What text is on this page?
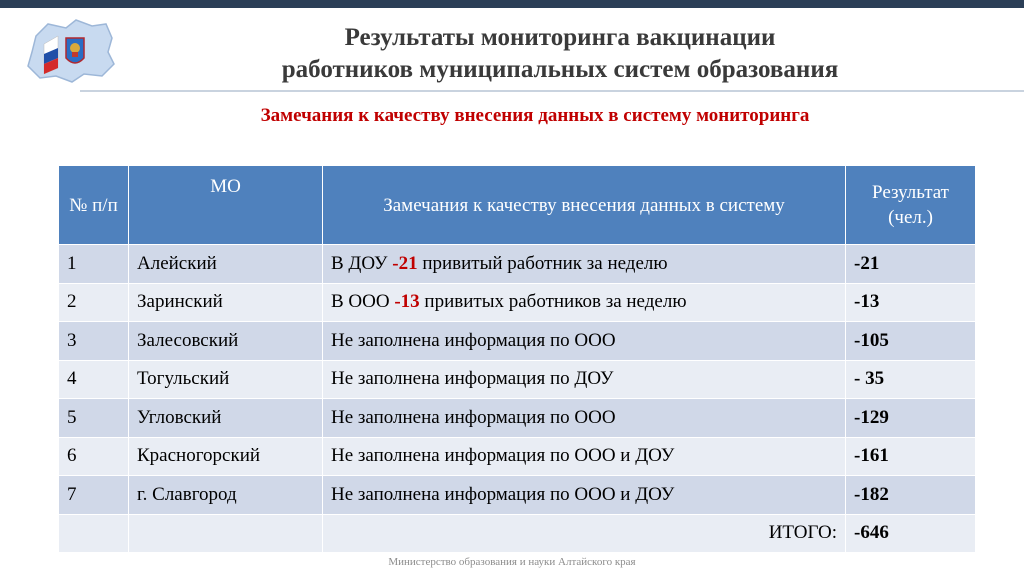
Результаты мониторинга вакцинации
работников муниципальных систем образования
Замечания к качеству внесения данных в систему мониторинга
№ п/п	МО	Замечания к качеству внесения данных в системy	Результат (чел.)
1	Алейский	В ДОУ -21 привитый работник за неделю	-21
2	Заринский	В ООО -13 привитых работников за неделю	-13
3	Залесовский	Не заполнена информация по ООО	-105
4	Тогульский	Не заполнена информация по ДОУ	- 35
5	Угловский	Не заполнена информация по ООО	-129
6	Красногорский	Не заполнена информация по ООО и ДОУ	-161
7	г. Славгород	Не заполнена информация по ООО и ДОУ	-182
		ИТОГО:	-646
Министерство образования и науки Алтайского края
